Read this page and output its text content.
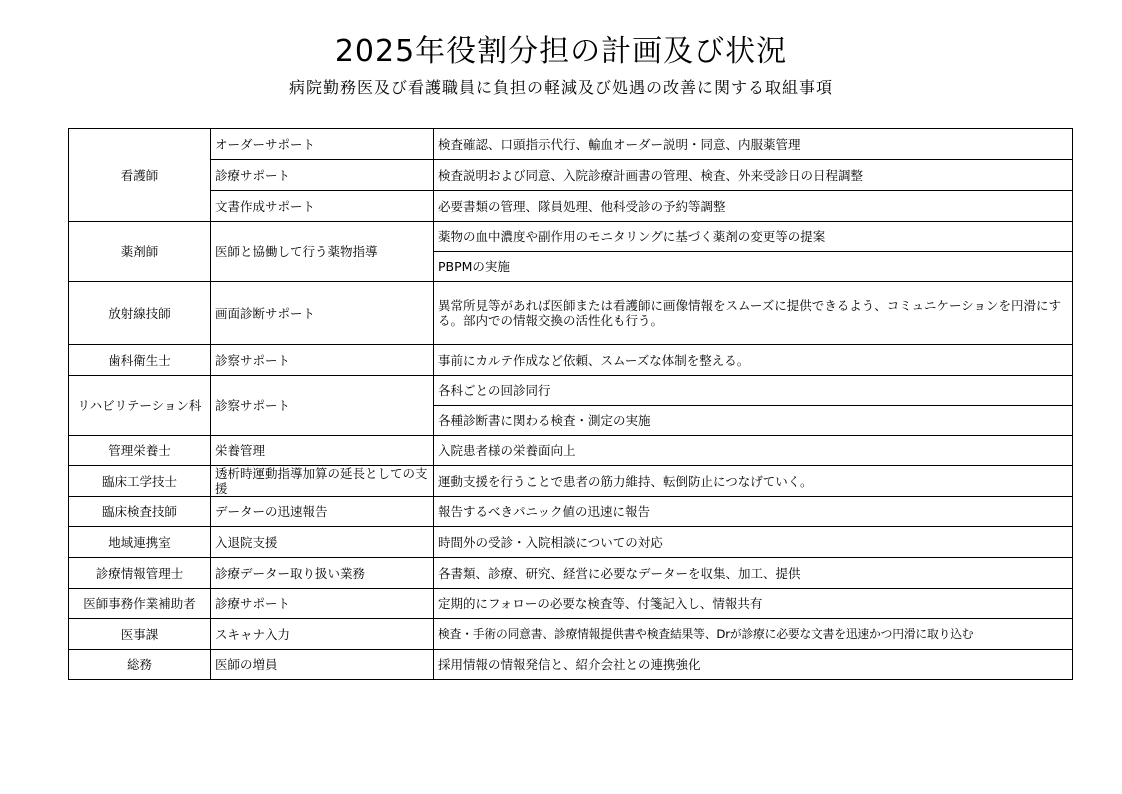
2025年役割分担の計画及び状況
病院勤務医及び看護職員に負担の軽減及び処遇の改善に関する取組事項
看護師	オーダーサポート	検査確認、口頭指示代行、輸血オーダー説明・同意、内服薬管理
	診療サポート	検査説明および同意、入院診療計画書の管理、検査、外来受診日の日程調整
	文書作成サポート	必要書類の管理、隊員処理、他科受診の予約等調整
薬剤師	医師と協働して行う薬物指導	薬物の血中濃度や副作用のモニタリングに基づく薬剤の変更等の提案
		PBPMの実施
放射線技師	画面診断サポート	異常所見等があれば医師または看護師に画像情報をスムーズに提供できるよう、コミュニケーションを円滑にする。部内での情報交換の活性化も行う。
歯科衛生士	診察サポート	事前にカルテ作成など依頼、スムーズな体制を整える。
リハビリテーション科	診察サポート	各科ごとの回診同行
		各種診断書に関わる検査・測定の実施
管理栄養士	栄養管理	入院患者様の栄養面向上
臨床工学技士	透析時運動指導加算の延長としての支援	運動支援を行うことで患者の筋力維持、転倒防止につなげていく。
臨床検査技師	データーの迅速報告	報告するべきパニック値の迅速に報告
地域連携室	入退院支援	時間外の受診・入院相談についての対応
診療情報管理士	診療データー取り扱い業務	各書類、診療、研究、経営に必要なデーターを収集、加工、提供
医師事務作業補助者	診療サポート	定期的にフォローの必要な検査等、付箋記入し、情報共有
医事課	スキャナ入力	検査・手術の同意書、診療情報提供書や検査結果等、Drが診療に必要な文書を迅速かつ円滑に取り込む
総務	医師の増員	採用情報の情報発信と、紹介会社との連携強化
